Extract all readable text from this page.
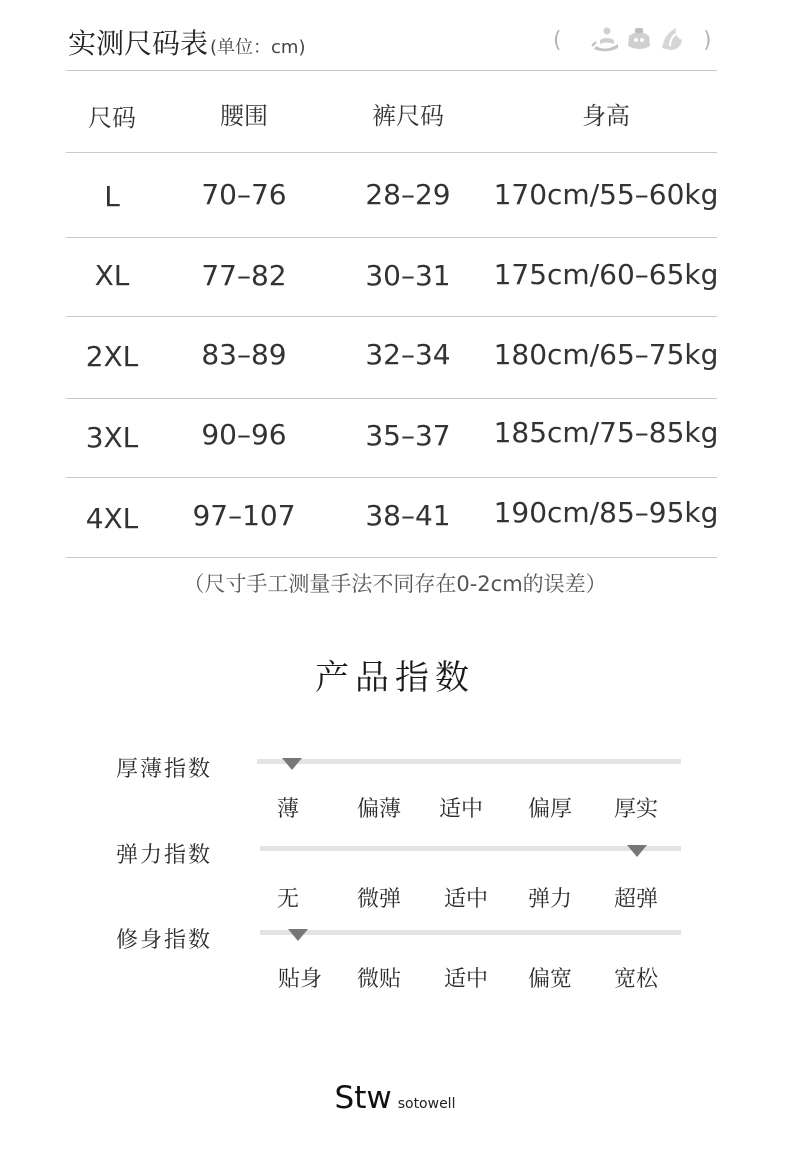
实测尺码表 (单位：cm)	(	)
尺码	腰围	裤尺码	身高
L	70–76	28–29	170cm/55–60kg
XL	77–82	30–31	175cm/60–65kg
2XL	83–89	32–34	180cm/65–75kg
3XL	90–96	35–37	185cm/75–85kg
4XL	97–107	38–41	190cm/85–95kg
（尺寸手工测量手法不同存在0-2cm的误差）
产品指数
厚薄指数
薄	偏薄	适中	偏厚	厚实
弹力指数
无	微弹	适中	弹力	超弹
修身指数
贴身	微贴	适中	偏宽	宽松
Stw sotowell
